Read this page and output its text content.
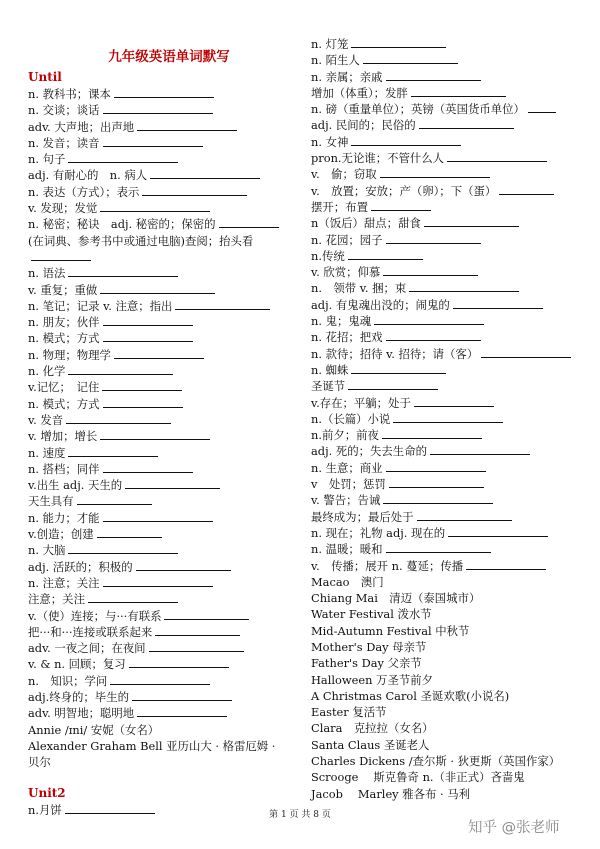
九年级英语单词默写
Until
n. 教科书；课本
n. 交谈；谈话
adv. 大声地；出声地
n. 发音；读音
n. 句子
adj. 有耐心的　n. 病人
n. 表达（方式）；表示
v. 发现；发觉
n. 秘密；秘诀　adj. 秘密的；保密的
(在词典、参考书中或通过电脑)查阅；抬头看
n. 语法
v. 重复；重做
n. 笔记；记录 v. 注意；指出
n. 朋友；伙伴
n. 模式；方式
n. 物理；物理学
n. 化学
v.记忆；　记住
n. 模式；方式
v. 发音
v. 增加；增长
n. 速度
n. 搭档；同伴
v.出生 adj. 天生的
天生具有
n. 能力；才能
v.创造；创建
n. 大脑
adj. 活跃的；积极的
n. 注意；关注
注意；关注
v.（使）连接；与···有联系
把···和···连接或联系起来
adv. 一夜之间；在夜间
v. & n. 回顾；复习
n.　知识；学问
adj.终身的；毕生的
adv. 明智地；聪明地
Annie /ɪni/ 安妮（女名）
Alexander Graham Bell 亚历山大 · 格雷厄姆 ·
贝尔
Unit2
n.月饼
n. 灯笼
n. 陌生人
n. 亲属；亲戚
增加（体重）；发胖
n. 磅（重量单位）；英镑（英国货币单位）
adj. 民间的；民俗的
n. 女神
pron.无论谁；不管什么人
v.　偷；窃取
v.　放置；安放；产（卵）；下（蛋）
摆开；布置
n（饭后）甜点；甜食
n. 花园；园子
n.传统
v. 欣赏；仰慕
n.　领带 v. 捆；束
adj. 有鬼魂出没的；闹鬼的
n. 鬼；鬼魂
n. 花招；把戏
n. 款待；招待 v. 招待；请（客）
n. 蜘蛛
圣诞节
v.存在；平躺；处于
n.（长篇）小说
n.前夕；前夜
adj. 死的；失去生命的
n. 生意；商业
v　处罚；惩罚
v. 警告；告诫
最终成为；最后处于
n. 现在；礼物 adj. 现在的
n. 温暖；暖和
v.　传播；展开 n. 蔓延；传播
Macao　澳门
Chiang Mai　清迈（泰国城市）
Water Festival 泼水节
Mid-Autumn Festival 中秋节
Mother's Day 母亲节
Father's Day 父亲节
Halloween 万圣节前夕
A Christmas Carol 圣诞欢歌(小说名)
Easter 复活节
Clara　克拉拉（女名）
Santa Claus 圣诞老人
Charles Dickens /查尔斯 · 狄更斯（英国作家）
Scrooge　 斯克鲁奇 n.（非正式）吝啬鬼
Jacob　 Marley 雅各布 · 马利
第 1 页 共 8 页
知乎 @张老师
